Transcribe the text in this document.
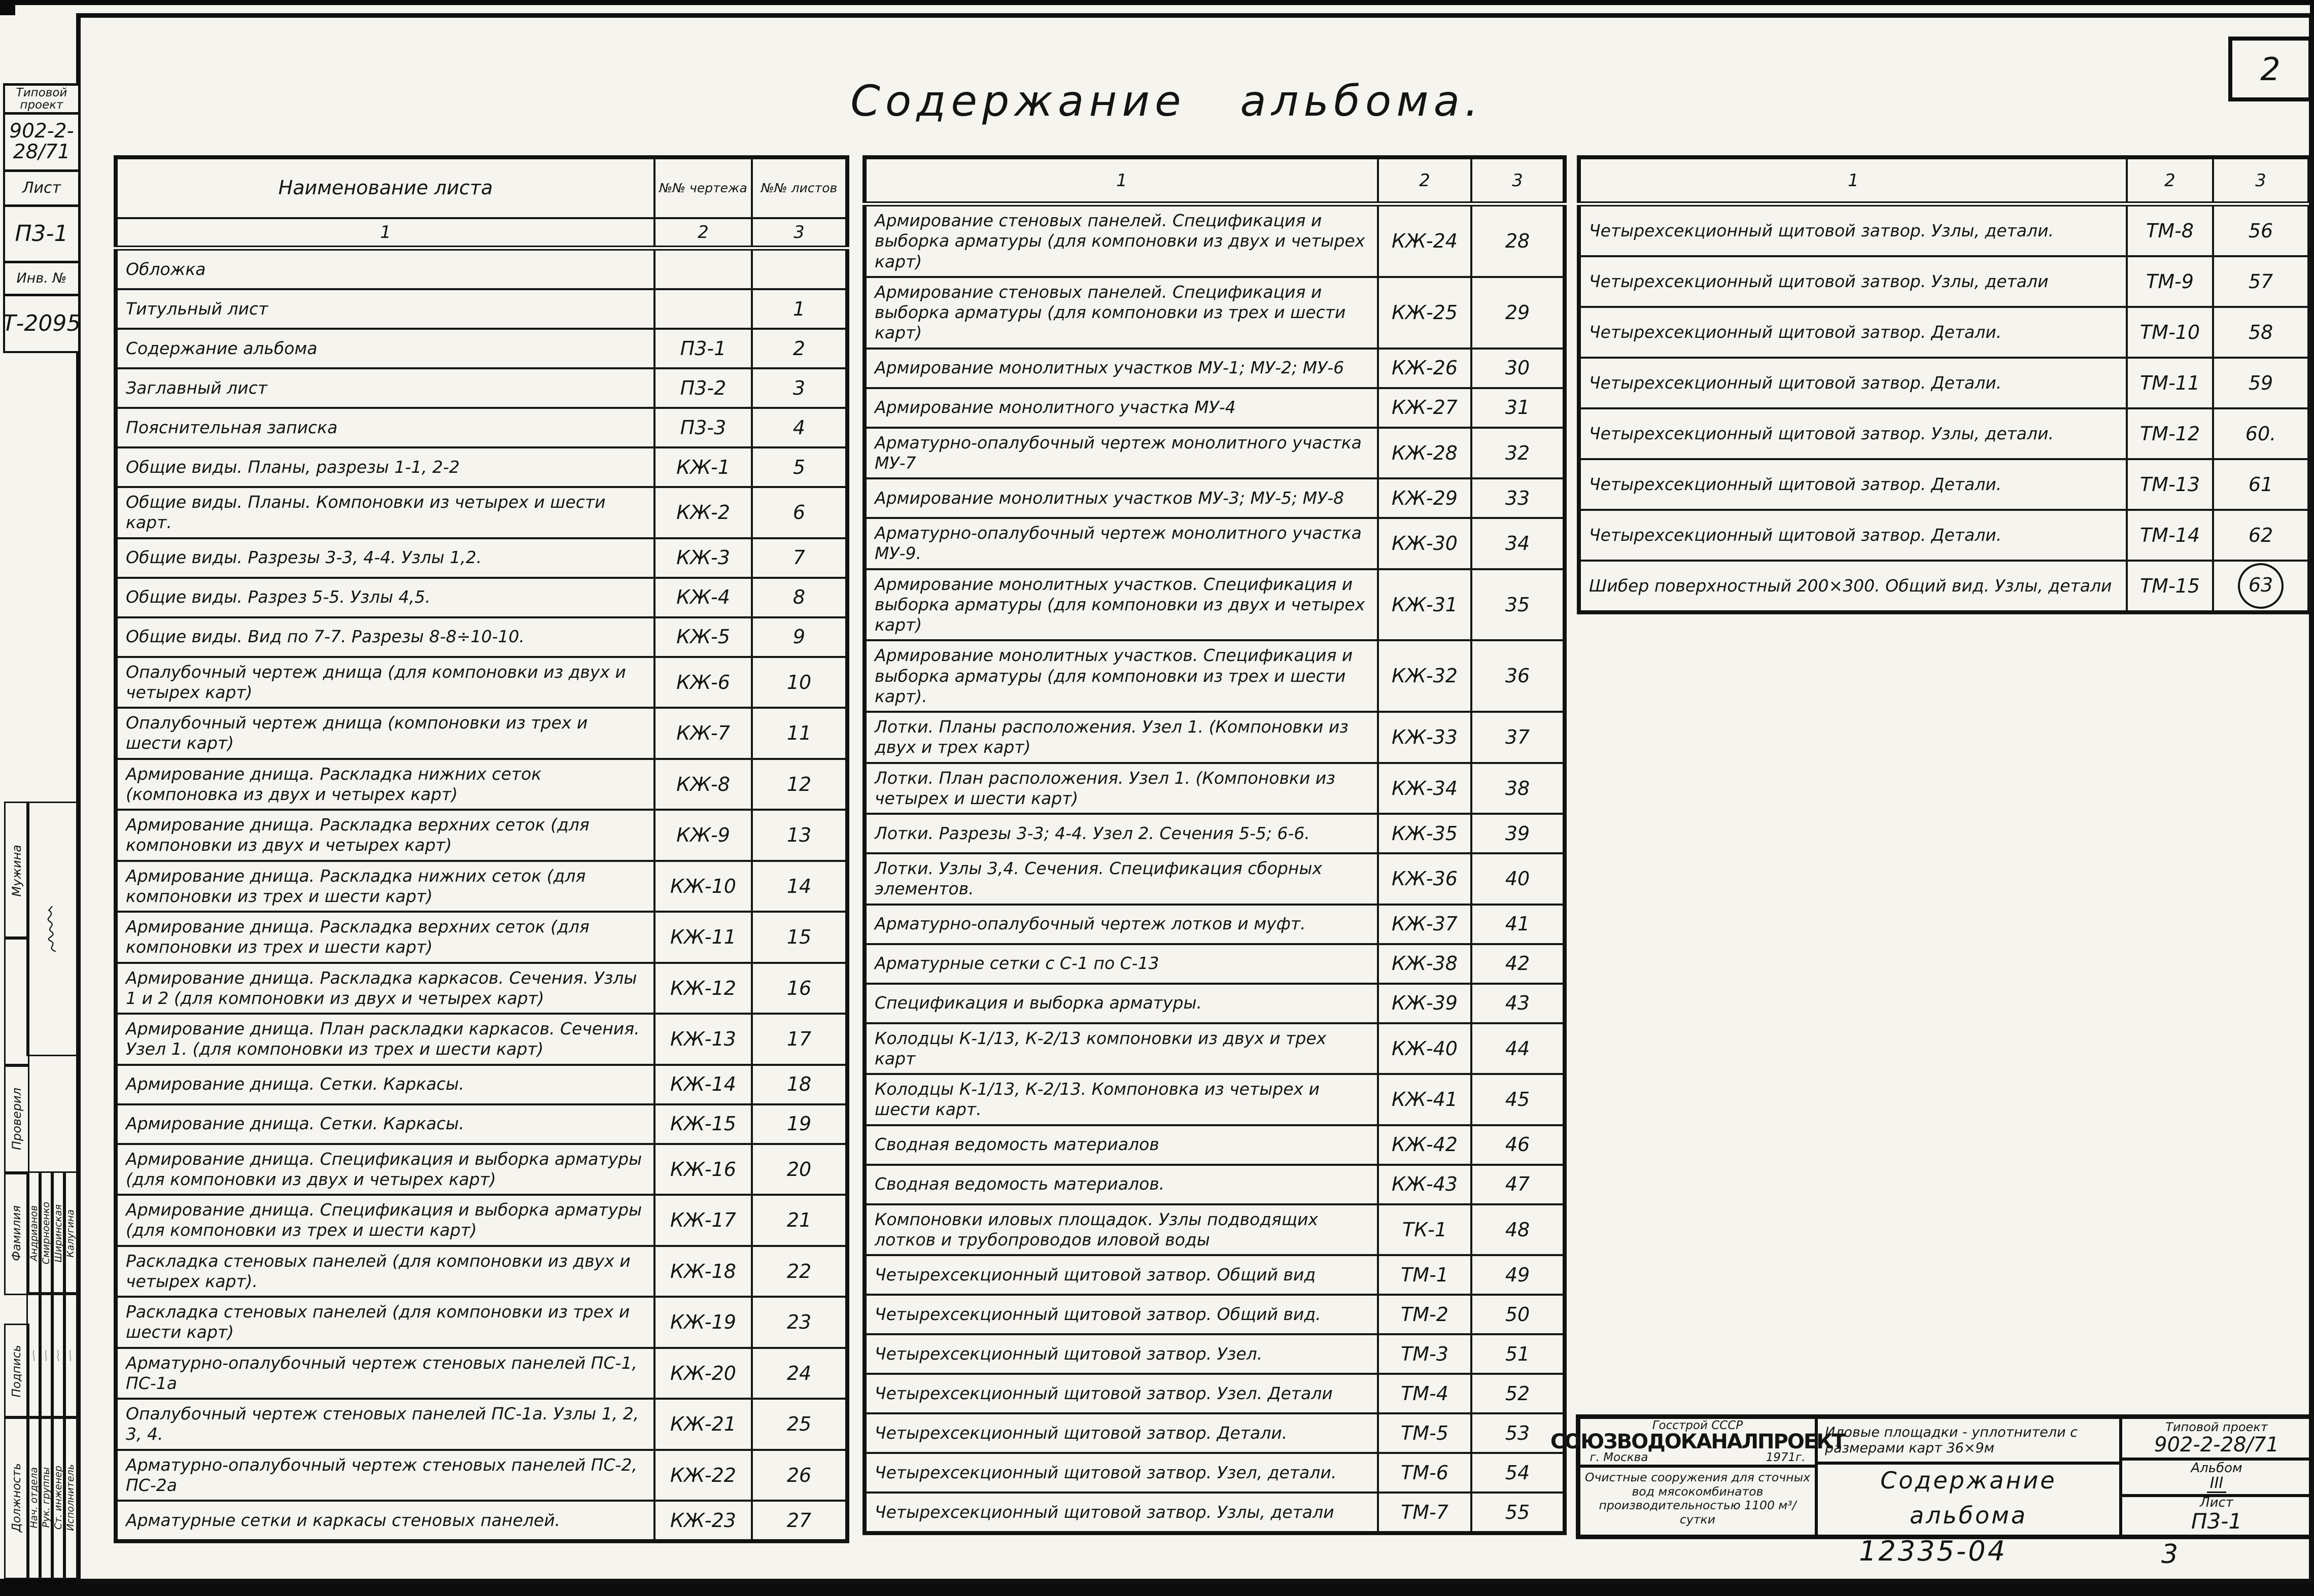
Содержание альбома.
2
Типовой проект
902-2-28/71
Лист
П3-1
Инв. №
Т-2095
Наименование листа	№№ чертежа	№№ листов
1	2	3
Обложка		
Титульный лист		1
Содержание альбома	П3-1	2
Заглавный лист	П3-2	3
Пояснительная записка	П3-3	4
Общие виды. Планы, разрезы 1-1, 2-2	КЖ-1	5
Общие виды. Планы. Компоновки из четырех и шести карт.	КЖ-2	6
Общие виды. Разрезы 3-3, 4-4. Узлы 1,2.	КЖ-3	7
Общие виды. Разрез 5-5. Узлы 4,5.	КЖ-4	8
Общие виды. Вид по 7-7. Разрезы 8-8÷10-10.	КЖ-5	9
Опалубочный чертеж днища (для компоновки из двух и четырех карт)	КЖ-6	10
Опалубочный чертеж днища (компоновки из трех и шести карт)	КЖ-7	11
Армирование днища. Раскладка нижних сеток (компоновка из двух и четырех карт)	КЖ-8	12
Армирование днища. Раскладка верхних сеток (для компоновки из двух и четырех карт)	КЖ-9	13
Армирование днища. Раскладка нижних сеток (для компоновки из трех и шести карт)	КЖ-10	14
Армирование днища. Раскладка верхних сеток (для компоновки из трех и шести карт)	КЖ-11	15
Армирование днища. Раскладка каркасов. Сечения. Узлы 1 и 2 (для компоновки из двух и четырех карт)	КЖ-12	16
Армирование днища. План раскладки каркасов. Сечения. Узел 1. (для компоновки из трех и шести карт)	КЖ-13	17
Армирование днища. Сетки. Каркасы.	КЖ-14	18
Армирование днища. Сетки. Каркасы.	КЖ-15	19
Армирование днища. Спецификация и выборка арматуры (для компоновки из двух и четырех карт)	КЖ-16	20
Армирование днища. Спецификация и выборка арматуры (для компоновки из трех и шести карт)	КЖ-17	21
Раскладка стеновых панелей (для компоновки из двух и четырех карт).	КЖ-18	22
Раскладка стеновых панелей (для компоновки из трех и шести карт)	КЖ-19	23
Арматурно-опалубочный чертеж стеновых панелей ПС-1, ПС-1а	КЖ-20	24
Опалубочный чертеж стеновых панелей ПС-1а. Узлы 1, 2, 3, 4.	КЖ-21	25
Арматурно-опалубочный чертеж стеновых панелей ПС-2, ПС-2а	КЖ-22	26
Арматурные сетки и каркасы стеновых панелей.	КЖ-23	27
1	2	3
Армирование стеновых панелей. Спецификация и выборка арматуры (для компоновки из двух и четырех карт)	КЖ-24	28
Армирование стеновых панелей. Спецификация и выборка арматуры (для компоновки из трех и шести карт)	КЖ-25	29
Армирование монолитных участков МУ-1; МУ-2; МУ-6	КЖ-26	30
Армирование монолитного участка МУ-4	КЖ-27	31
Арматурно-опалубочный чертеж монолитного участка МУ-7	КЖ-28	32
Армирование монолитных участков МУ-3; МУ-5; МУ-8	КЖ-29	33
Арматурно-опалубочный чертеж монолитного участка МУ-9.	КЖ-30	34
Армирование монолитных участков. Спецификация и выборка арматуры (для компоновки из двух и четырех карт)	КЖ-31	35
Армирование монолитных участков. Спецификация и выборка арматуры (для компоновки из трех и шести карт).	КЖ-32	36
Лотки. Планы расположения. Узел 1. (Компоновки из двух и трех карт)	КЖ-33	37
Лотки. План расположения. Узел 1. (Компоновки из четырех и шести карт)	КЖ-34	38
Лотки. Разрезы 3-3; 4-4. Узел 2. Сечения 5-5; 6-6.	КЖ-35	39
Лотки. Узлы 3,4. Сечения. Спецификация сборных элементов.	КЖ-36	40
Арматурно-опалубочный чертеж лотков и муфт.	КЖ-37	41
Арматурные сетки с С-1 по С-13	КЖ-38	42
Спецификация и выборка арматуры.	КЖ-39	43
Колодцы К-1/13, К-2/13 компоновки из двух и трех карт	КЖ-40	44
Колодцы К-1/13, К-2/13. Компоновка из четырех и шести карт.	КЖ-41	45
Сводная ведомость материалов	КЖ-42	46
Сводная ведомость материалов.	КЖ-43	47
Компоновки иловых площадок. Узлы подводящих лотков и трубопроводов иловой воды	ТК-1	48
Четырехсекционный щитовой затвор. Общий вид	ТМ-1	49
Четырехсекционный щитовой затвор. Общий вид.	ТМ-2	50
Четырехсекционный щитовой затвор. Узел.	ТМ-3	51
Четырехсекционный щитовой затвор. Узел. Детали	ТМ-4	52
Четырехсекционный щитовой затвор. Детали.	ТМ-5	53
Четырехсекционный щитовой затвор. Узел, детали.	ТМ-6	54
Четырехсекционный щитовой затвор. Узлы, детали	ТМ-7	55
1	2	3
Четырехсекционный щитовой затвор. Узлы, детали.	ТМ-8	56
Четырехсекционный щитовой затвор. Узлы, детали	ТМ-9	57
Четырехсекционный щитовой затвор. Детали.	ТМ-10	58
Четырехсекционный щитовой затвор. Детали.	ТМ-11	59
Четырехсекционный щитовой затвор. Узлы, детали.	ТМ-12	60.
Четырехсекционный щитовой затвор. Детали.	ТМ-13	61
Четырехсекционный щитовой затвор. Детали.	ТМ-14	62
Шибер поверхностный 200×300. Общий вид. Узлы, детали	ТМ-15	63
Мужина
Проверил
Фамилия Андрианов Смирноенко Ширинская Калугина
Подпись
Должность Нач. отдела Рук. группы Ст. инженер Исполнитель
Госстрой СССР
СОЮЗВОДОКАНАЛПРОЕКТ
г. Москва	1971г.
Очистные сооружения для сточных вод мясокомбинатов производительностью 1100 м³/сутки
Иловые площадки - уплотнители с размерами карт 36×9м
Содержание альбома
Типовой проект
902-2-28/71
Альбом
III
Лист
П3-1
12335-04	3
